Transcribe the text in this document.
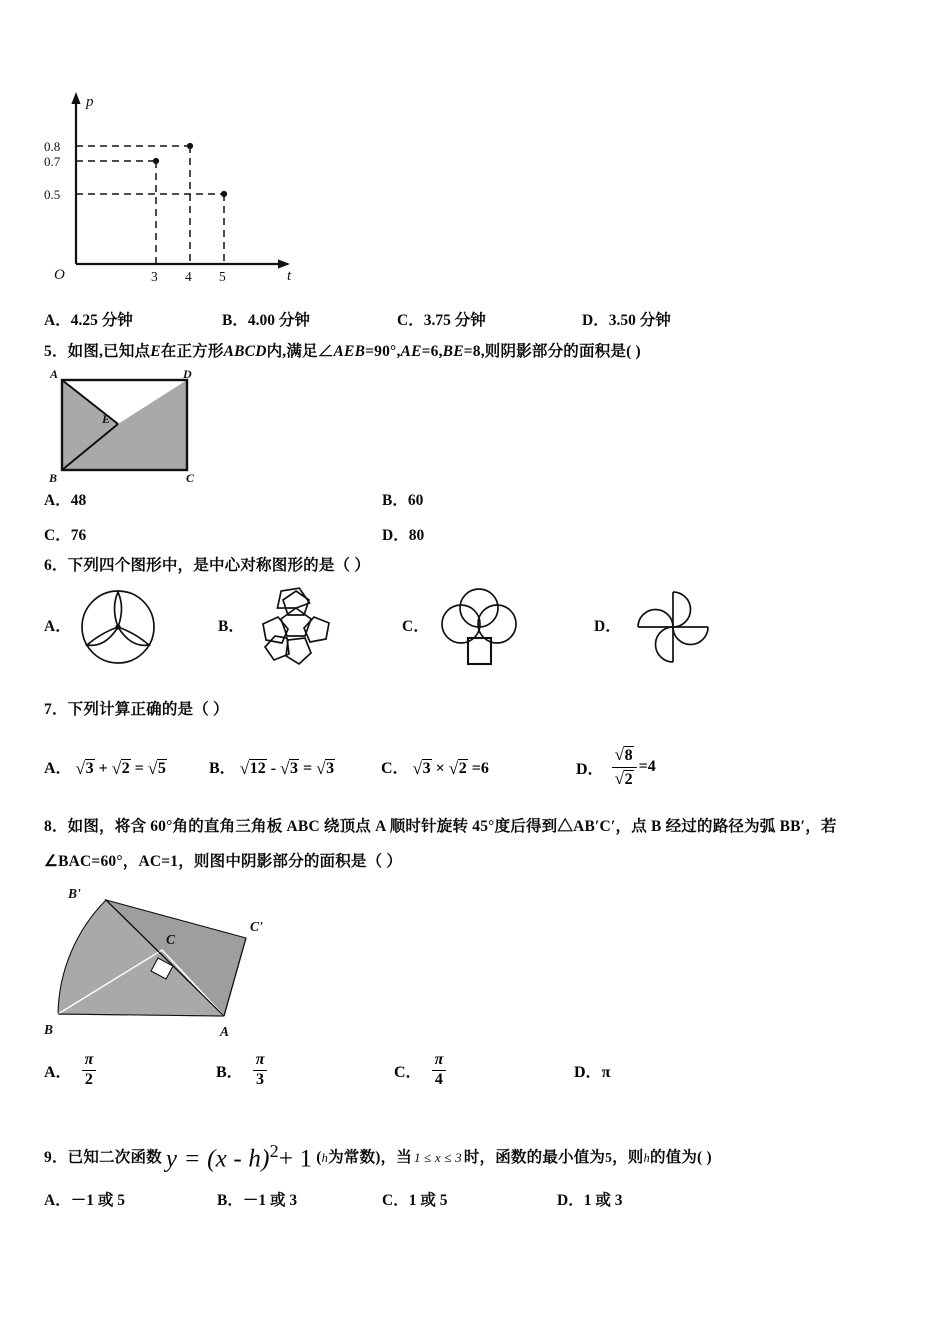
p
t
O
0.8
0.7
0.5
3 4 5
A．4.25 分钟	B．4.00 分钟	C．3.75 分钟	D．3.50 分钟
5．如图,已知点E在正方形ABCD内,满足∠AEB=90°,AE=6,BE=8,则阴影部分的面积是( )
A	D
B	C
E
A．48	B．60
C．76	D．80
6．下列四个图形中，是中心对称图形的是（ ）
A．	B．	C．	D．
7．下列计算正确的是（ ）
A． √ 3 + √ 2 = √ 5	B． √ 12 - √ 3 = √ 3	C． √ 3 × √ 2 =6	D． √ 8
√ 2 = 4
8．如图，将含 60°角的直角三角板 ABC 绕顶点 A 顺时针旋转 45°度后得到△AB′C′，点 B 经过的路径为弧 BB′，若
∠BAC=60°，AC=1，则图中阴影部分的面积是（ ）
B'
C
C'
B	A
A． $\frac{\pi}{2}$	B． $\frac{\pi}{3}$	C． $\frac{\pi}{4}$	D．π
9． 已知二次函数 y = (x - h)$^2$+ 1 ( h 为常数)，当 1 ≤ x ≤ 3 时，函数的最小值为 5 ，则 h 的值为( )
A．－1 或 5	B．－1 或 3	C．1 或 5	D．1 或 3
